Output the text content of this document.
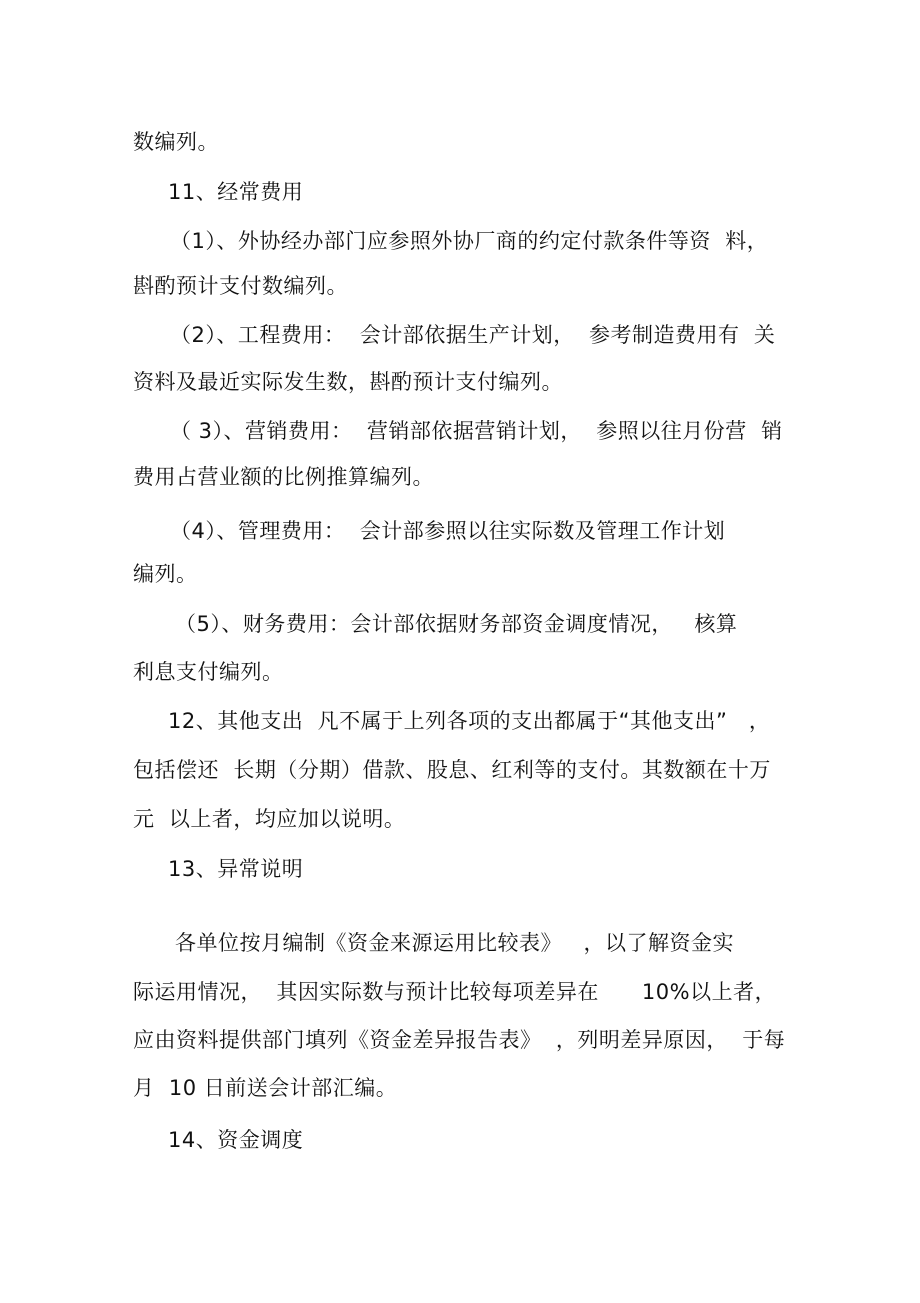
数编列。
11、经常费用
（1）、外协经办部门应参照外协厂商的约定付款条件等资  料，
斟酌预计支付数编列。
（2）、工程费用：  会计部依据生产计划，  参考制造费用有  关
资料及最近实际发生数，斟酌预计支付编列。
（ 3）、营销费用：  营销部依据营销计划，  参照以往月份营  销
费用占营业额的比例推算编列。
（4）、管理费用：  会计部参照以往实际数及管理工作计划
编列。
（5）、财务费用：会计部依据财务部资金调度情况，   核算
利息支付编列。
12、其他支出  凡不属于上列各项的支出都属于“其他支出”   ，
包括偿还  长期（分期）借款、股息、红利等的支付。其数额在十万
元  以上者，均应加以说明。
13、异常说明
各单位按月编制《资金来源运用比较表》   ，以了解资金实
际运用情况，  其因实际数与预计比较每项差异在      10%以上者，
应由资料提供部门填列《资金差异报告表》  ，列明差异原因，  于每
月  10 日前送会计部汇编。
14、资金调度
